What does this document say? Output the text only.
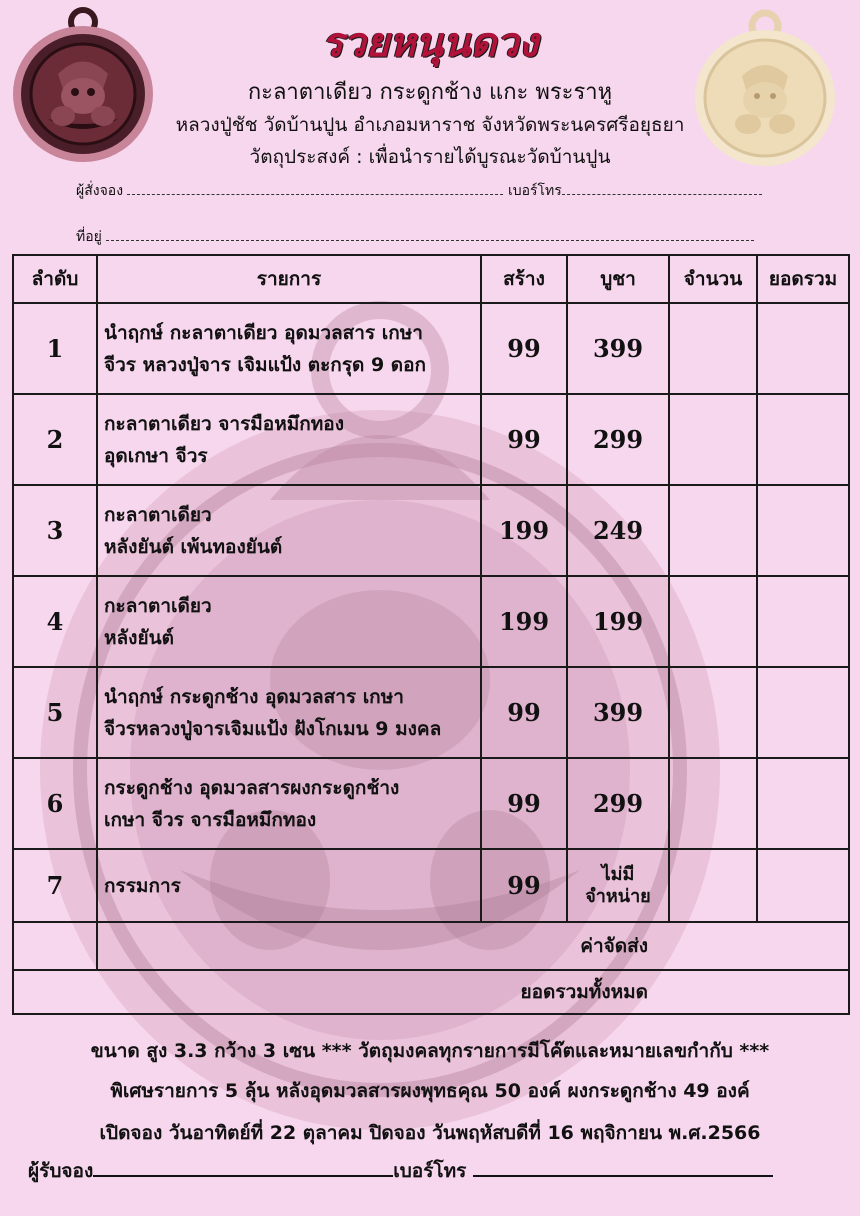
รวยหนุนดวง
กะลาตาเดียว กระดูกช้าง แกะ พระราหู
หลวงปู่ชัช วัดบ้านปูน อำเภอมหาราช จังหวัดพระนครศรีอยุธยา
วัตถุประสงค์ : เพื่อนำรายได้บูรณะวัดบ้านปูน
ผู้สั่งจอง	เบอร์โทร
ที่อยู่
ลำดับ	รายการ	สร้าง	บูชา	จำนวน	ยอดรวม
1	นำฤกษ์ กะลาตาเดียว อุดมวลสาร เกษา
จีวร หลวงปู่จาร เจิมแป้ง ตะกรุด 9 ดอก	99	399		
2	กะลาตาเดียว จารมือหมึกทอง
อุดเกษา จีวร	99	299		
3	กะลาตาเดียว
หลังยันต์ เพ้นทองยันต์	199	249		
4	กะลาตาเดียว
หลังยันต์	199	199		
5	นำฤกษ์ กระดูกช้าง อุดมวลสาร เกษา
จีวรหลวงปู่จารเจิมแป้ง ฝังโกเมน 9 มงคล	99	399		
6	กระดูกช้าง อุดมวลสารผงกระดูกช้าง
เกษา จีวร จารมือหมึกทอง	99	299		
7	กรรมการ	99	ไม่มี
จำหน่าย		

	ค่าจัดส่ง				
ยอดรวมทั้งหมด					
ขนาด สูง 3.3 กว้าง 3 เซน *** วัตถุมงคลทุกรายการมีโค๊ตและหมายเลขกำกับ ***
พิเศษรายการ 5 ลุ้น หลังอุดมวลสารผงพุทธคุณ 50 องค์ ผงกระดูกช้าง 49 องค์
เปิดจอง วันอาทิตย์ที่ 22 ตุลาคม ปิดจอง วันพฤหัสบดีที่ 16 พฤจิกายน พ.ศ.2566
ผู้รับจอง	เบอร์โทร
